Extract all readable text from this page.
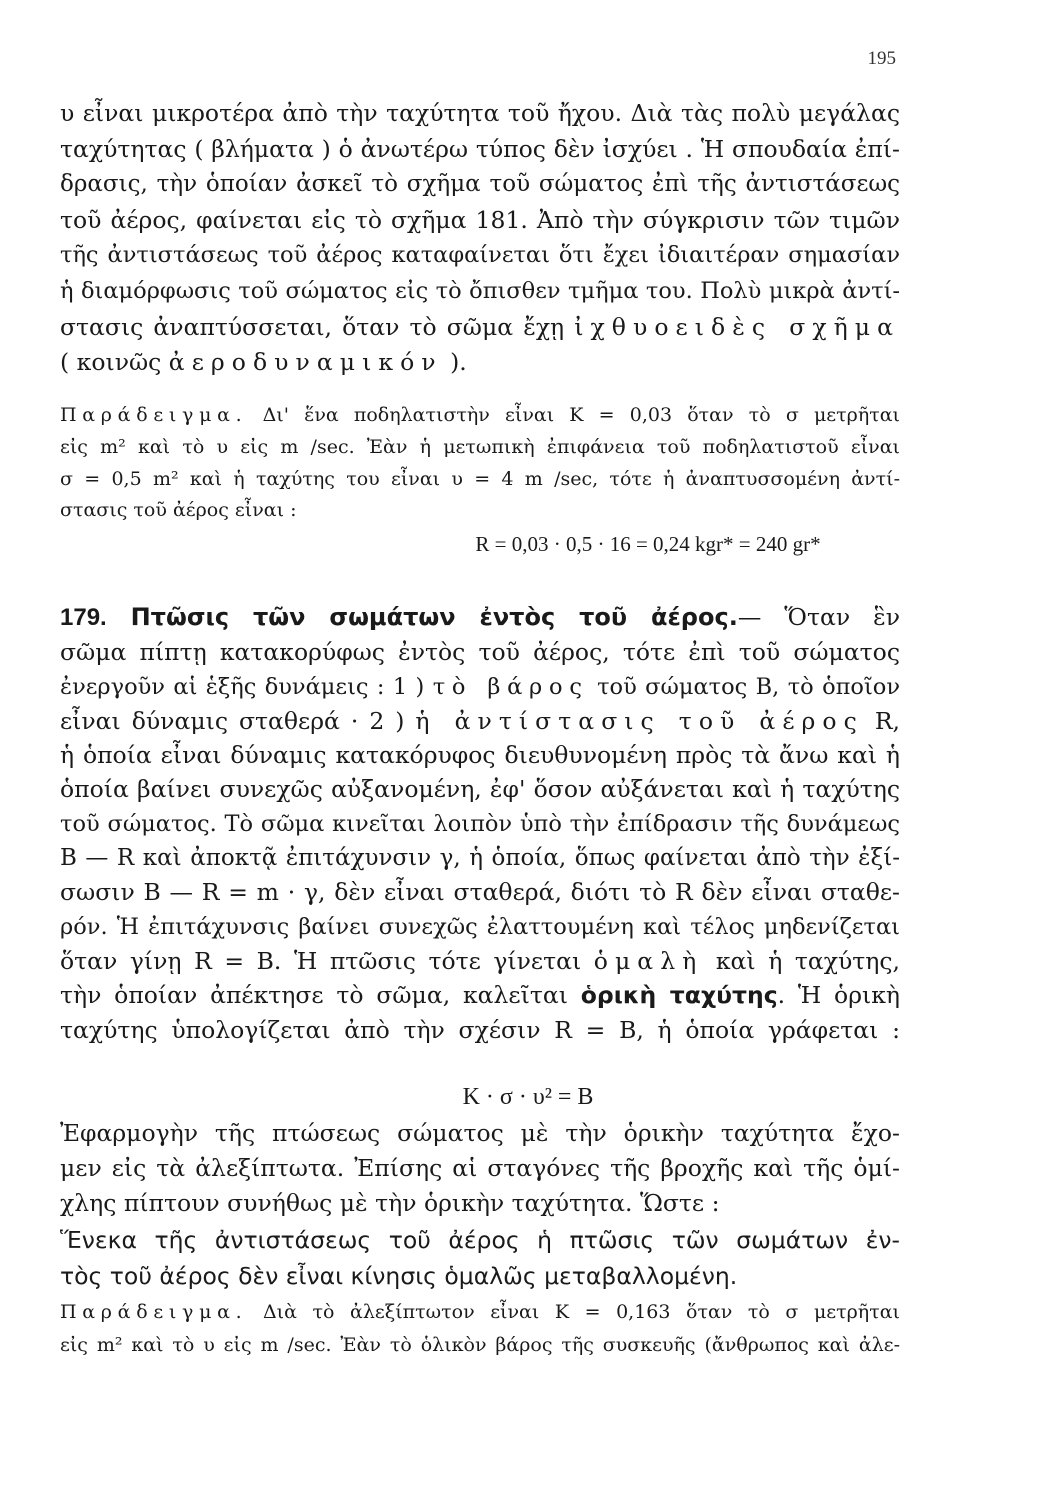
195
υ εἶναι μικροτέρα ἀπὸ τὴν ταχύτητα τοῦ ἤχου. Διὰ τὰς πολὺ μεγάλας
ταχύτητας ( βλήματα ) ὁ ἀνωτέρω τύπος δὲν ἰσχύει . Ἡ σπουδαία ἐπί-
δρασις, τὴν ὁποίαν ἀσκεῖ τὸ σχῆμα τοῦ σώματος ἐπὶ τῆς ἀντιστάσεως
τοῦ ἀέρος, φαίνεται εἰς τὸ σχῆμα 181. Ἀπὸ τὴν σύγκρισιν τῶν τιμῶν
τῆς ἀντιστάσεως τοῦ ἀέρος καταφαίνεται ὅτι ἔχει ἰδιαιτέραν σημασίαν
ἡ διαμόρφωσις τοῦ σώματος εἰς τὸ ὄπισθεν τμῆμα του. Πολὺ μικρὰ ἀντί-
στασις ἀναπτύσσεται, ὅταν τὸ σῶμα ἔχῃ ἰχθυοειδὲς σχῆμα
( κοινῶς ἀεροδυναμικόν ).
Παράδειγμα. Δι' ἕνα ποδηλατιστὴν εἶναι K = 0,03 ὅταν τὸ σ μετρῆται
εἰς m² καὶ τὸ υ εἰς m /sec. Ἐὰν ἡ μετωπικὴ ἐπιφάνεια τοῦ ποδηλατιστοῦ εἶναι
σ = 0,5 m² καὶ ἡ ταχύτης του εἶναι υ = 4 m /sec, τότε ἡ ἀναπτυσσομένη ἀντί-
στασις τοῦ ἀέρος εἶναι :
R = 0,03 · 0,5 · 16 = 0,24 kgr* = 240 gr*
179. Πτῶσις τῶν σωμάτων ἐντὸς τοῦ ἀέρος.— Ὅταν ἓν
σῶμα πίπτῃ κατακορύφως ἐντὸς τοῦ ἀέρος, τότε ἐπὶ τοῦ σώματος
ἐνεργοῦν αἱ ἑξῆς δυνάμεις : 1 ) τὸ βάρος τοῦ σώματος B, τὸ ὁποῖον
εἶναι δύναμις σταθερά · 2 ) ἡ ἀντίστασις τοῦ ἀέρος R,
ἡ ὁποία εἶναι δύναμις κατακόρυφος διευθυνομένη πρὸς τὰ ἄνω καὶ ἡ
ὁποία βαίνει συνεχῶς αὐξανομένη, ἐφ' ὅσον αὐξάνεται καὶ ἡ ταχύτης
τοῦ σώματος. Τὸ σῶμα κινεῖται λοιπὸν ὑπὸ τὴν ἐπίδρασιν τῆς δυνάμεως
B — R καὶ ἀποκτᾷ ἐπιτάχυνσιν γ, ἡ ὁποία, ὅπως φαίνεται ἀπὸ τὴν ἐξί-
σωσιν B — R = m · γ, δὲν εἶναι σταθερά, διότι τὸ R δὲν εἶναι σταθε-
ρόν. Ἡ ἐπιτάχυνσις βαίνει συνεχῶς ἐλαττουμένη καὶ τέλος μηδενίζεται
ὅταν γίνῃ R = B. Ἡ πτῶσις τότε γίνεται ὁμαλὴ καὶ ἡ ταχύτης,
τὴν ὁποίαν ἀπέκτησε τὸ σῶμα, καλεῖται ὁρικὴ ταχύτης. Ἡ ὁρικὴ
ταχύτης ὑπολογίζεται ἀπὸ τὴν σχέσιν R = B, ἡ ὁποία γράφεται :
K · σ · υ² = B
Ἐφαρμογὴν τῆς πτώσεως σώματος μὲ τὴν ὁρικὴν ταχύτητα ἔχο-
μεν εἰς τὰ ἀλεξίπτωτα. Ἐπίσης αἱ σταγόνες τῆς βροχῆς καὶ τῆς ὁμί-
χλης πίπτουν συνήθως μὲ τὴν ὁρικὴν ταχύτητα. Ὥστε :
Ἕνεκα τῆς ἀντιστάσεως τοῦ ἀέρος ἡ πτῶσις τῶν σωμάτων ἐν-
τὸς τοῦ ἀέρος δὲν εἶναι κίνησις ὁμαλῶς μεταβαλλομένη.
Παράδειγμα. Διὰ τὸ ἀλεξίπτωτον εἶναι K = 0,163 ὅταν τὸ σ μετρῆται
εἰς m² καὶ τὸ υ εἰς m /sec. Ἐὰν τὸ ὁλικὸν βάρος τῆς συσκευῆς (ἄνθρωπος καὶ ἀλε-
